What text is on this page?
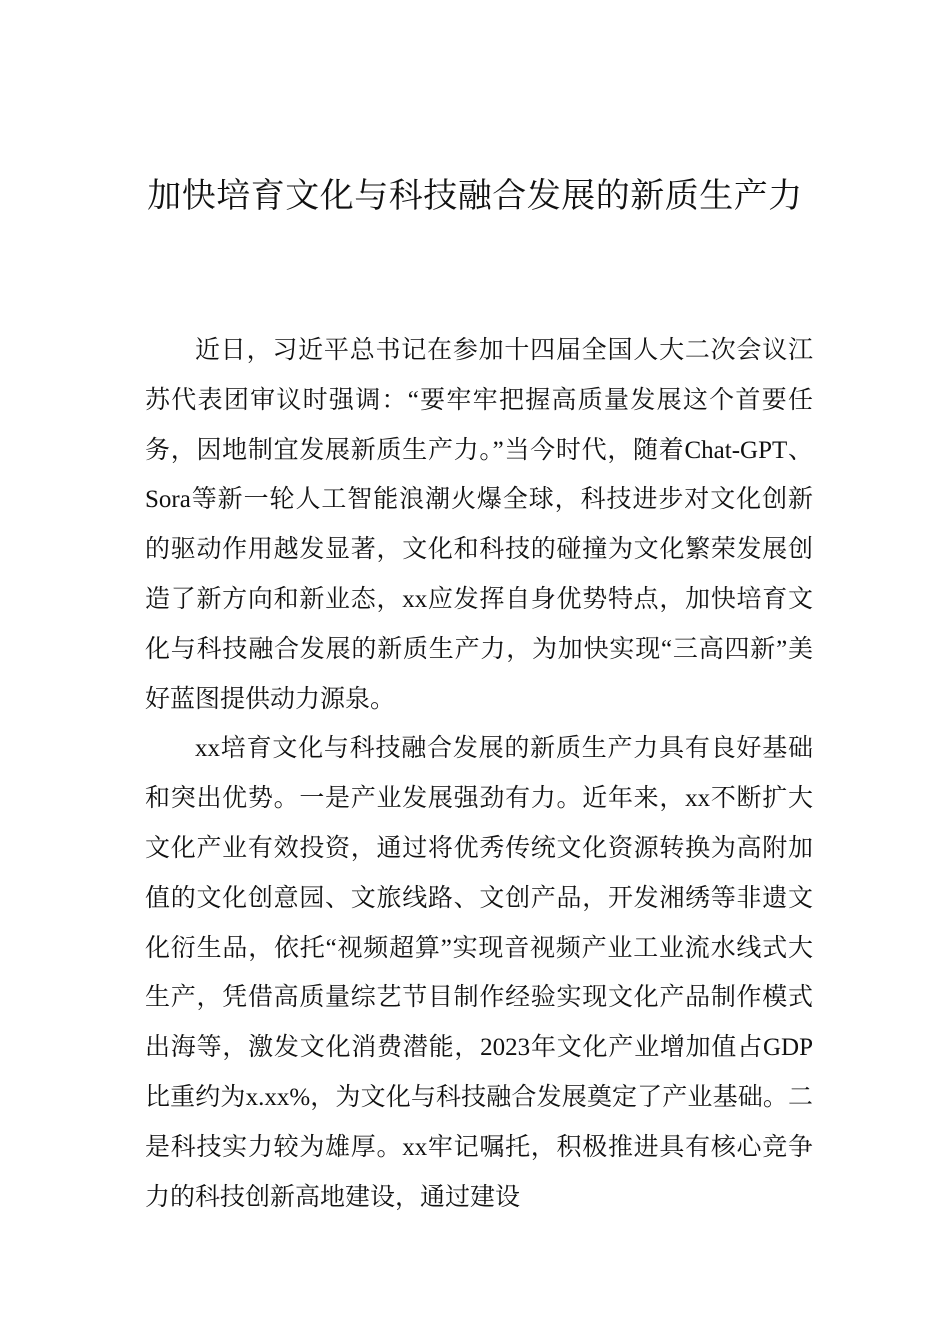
加快培育文化与科技融合发展的新质生产力

近日，习近平总书记在参加十四届全国人大二次会议江苏代表团审议时强调：“要牢牢把握高质量发展这个首要任务，因地制宜发展新质生产力。”当今时代，随着Chat-GPT、Sora等新一轮人工智能浪潮火爆全球，科技进步对文化创新的驱动作用越发显著，文化和科技的碰撞为文化繁荣发展创造了新方向和新业态，xx应发挥自身优势特点，加快培育文化与科技融合发展的新质生产力，为加快实现“三高四新”美好蓝图提供动力源泉。

xx培育文化与科技融合发展的新质生产力具有良好基础和突出优势。一是产业发展强劲有力。近年来，xx不断扩大文化产业有效投资，通过将优秀传统文化资源转换为高附加值的文化创意园、文旅线路、文创产品，开发湘绣等非遗文化衍生品，依托“视频超算”实现音视频产业工业流水线式大生产，凭借高质量综艺节目制作经验实现文化产品制作模式出海等，激发文化消费潜能，2023年文化产业增加值占GDP比重约为x.xx%，为文化与科技融合发展奠定了产业基础。二是科技实力较为雄厚。xx牢记嘱托，积极推进具有核心竞争力的科技创新高地建设，通过建设
